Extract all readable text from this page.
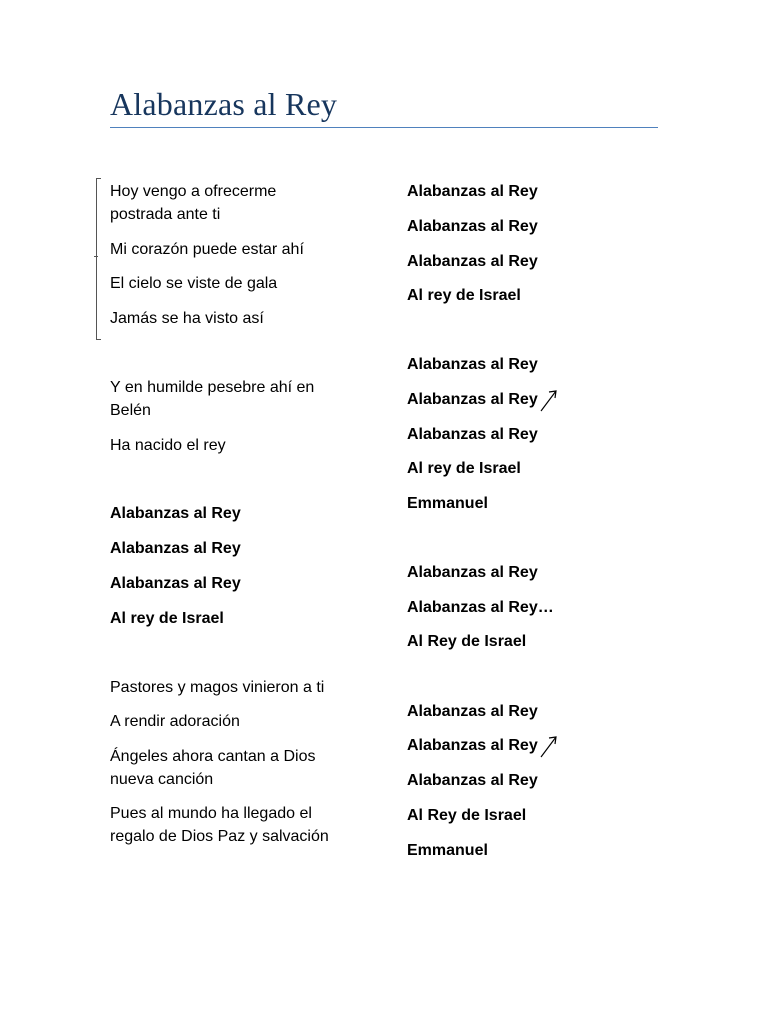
Alabanzas al Rey
Hoy vengo a ofrecerme
postrada ante ti
Mi corazón puede estar ahí
El cielo se viste de gala
Jamás se ha visto así
Y en humilde pesebre ahí en
Belén
Ha nacido el rey
Alabanzas al Rey
Alabanzas al Rey
Alabanzas al Rey
Al rey de Israel
Pastores y magos vinieron a ti
A rendir adoración
Ángeles ahora cantan a Dios
nueva canción
Pues al mundo ha llegado el
regalo de Dios Paz y salvación
Alabanzas al Rey
Alabanzas al Rey
Alabanzas al Rey
Al rey de Israel
Alabanzas al Rey
Alabanzas al Rey
Alabanzas al Rey
Al rey de Israel
Emmanuel
Alabanzas al Rey
Alabanzas al Rey…
Al Rey de Israel
Alabanzas al Rey
Alabanzas al Rey
Alabanzas al Rey
Al Rey de Israel
Emmanuel
